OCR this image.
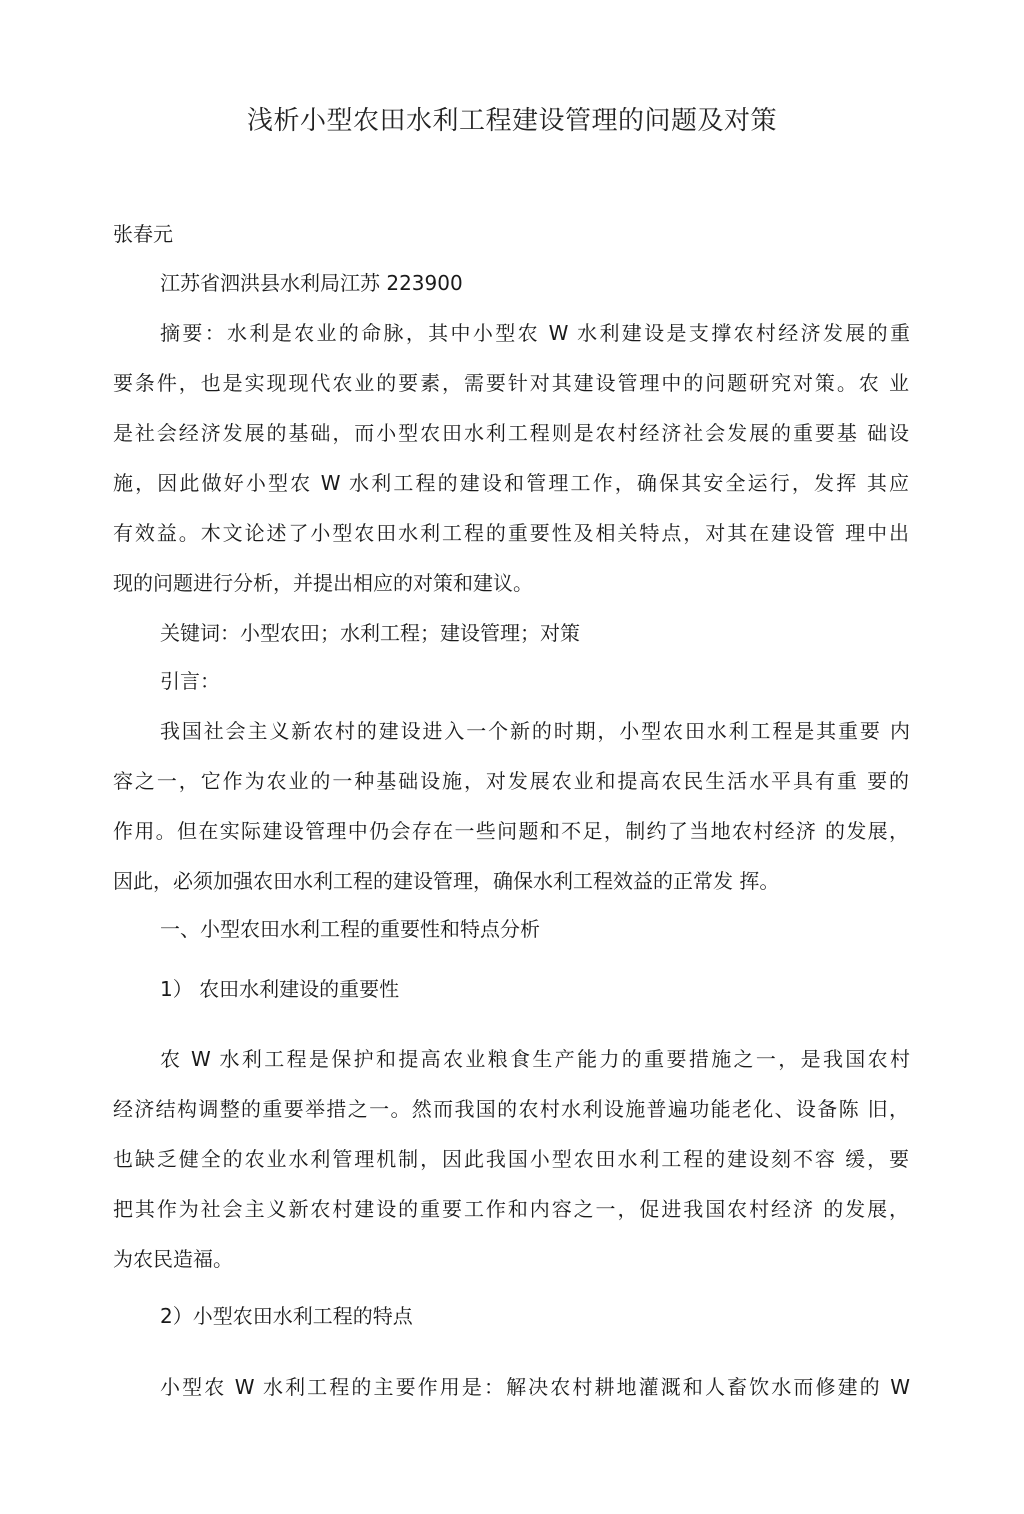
浅析小型农田水利工程建设管理的问题及对策
张春元
江苏省泗洪县水利局江苏 223900
摘要：水利是农业的命脉，其中小型农 W 水利建设是支撑农村经济发展的重
要条件，也是实现现代农业的要素，需要针对其建设管理中的问题研究对策。农 业
是社会经济发展的基础，而小型农田水利工程则是农村经济社会发展的重要基 础设
施，因此做好小型农 W 水利工程的建设和管理工作，确保其安全运行，发挥 其应
有效益。木文论述了小型农田水利工程的重要性及相关特点，对其在建设管 理中出
现的问题进行分析，并提出相应的对策和建议。
关键词：小型农田；水利工程；建设管理；对策
引言：
我国社会主义新农村的建设进入一个新的时期，小型农田水利工程是其重要 内
容之一，它作为农业的一种基础设施，对发展农业和提高农民生活水平具有重 要的
作用。但在实际建设管理中仍会存在一些问题和不足，制约了当地农村经济 的发展，
因此，必须加强农田水利工程的建设管理，确保水利工程效益的正常发 挥。
一、小型农田水利工程的重要性和特点分析
1） 农田水利建设的重要性
农 W 水利工程是保护和提高农业粮食生产能力的重要措施之一，是我国农村
经济结构调整的重要举措之一。然而我国的农村水利设施普遍功能老化、设备陈 旧，
也缺乏健全的农业水利管理机制，因此我国小型农田水利工程的建设刻不容 缓，要
把其作为社会主义新农村建设的重要工作和内容之一，促进我国农村经济 的发展，
为农民造福。
2）小型农田水利工程的特点
小型农 W 水利工程的主要作用是：解决农村耕地灌溉和人畜饮水而修建的 W
